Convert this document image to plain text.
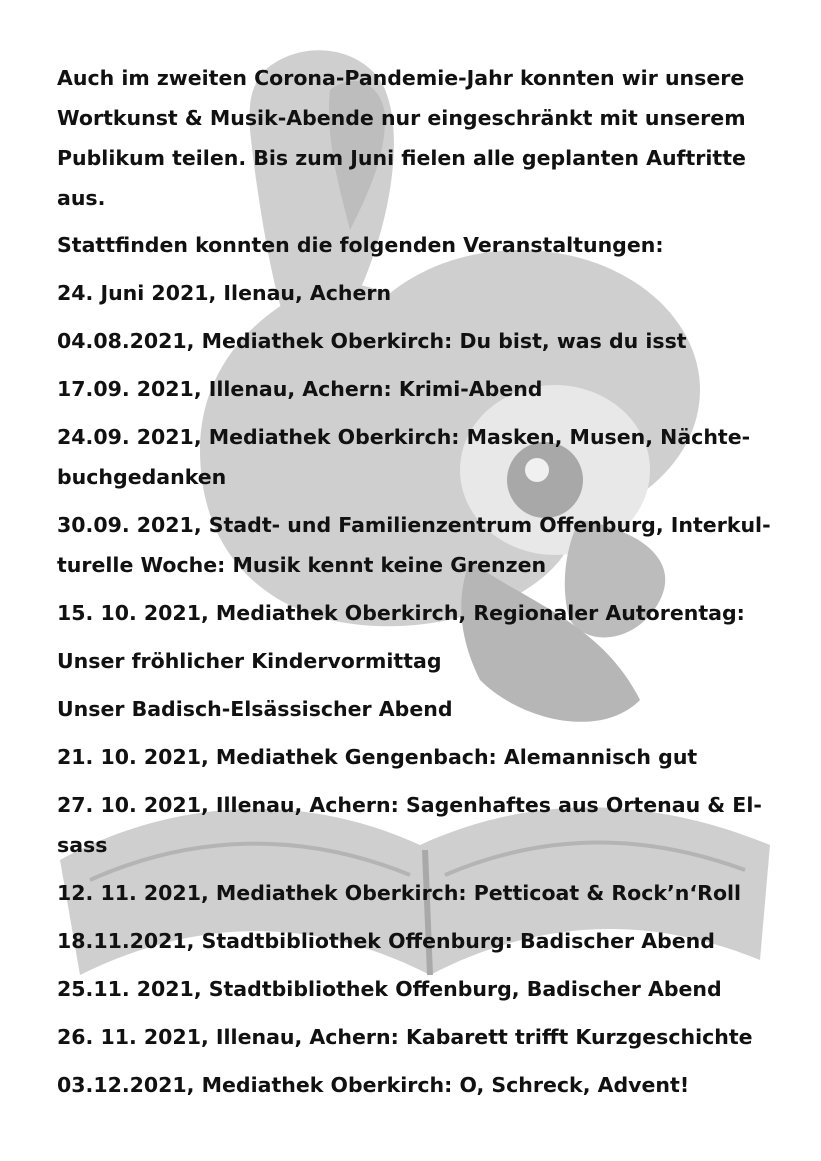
Auch im zweiten Corona-Pandemie-Jahr konnten wir unsere Wortkunst & Musik-Abende nur eingeschränkt mit unserem Publikum teilen. Bis zum Juni fielen alle geplanten Auftritte aus.

Stattfinden konnten die folgenden Veranstaltungen:

24. Juni 2021, Ilenau, Achern
04.08.2021, Mediathek Oberkirch: Du bist, was du isst
17.09. 2021, Illenau, Achern: Krimi-Abend
24.09. 2021, Mediathek Oberkirch: Masken, Musen, Nächte-buchgedanken
30.09. 2021, Stadt- und Familienzentrum Offenburg, Interkul-turelle Woche: Musik kennt keine Grenzen
15. 10. 2021, Mediathek Oberkirch, Regionaler Autorentag:
Unser fröhlicher Kindervormittag
Unser Badisch-Elsässischer Abend
21. 10. 2021, Mediathek Gengenbach: Alemannisch gut
27. 10. 2021, Illenau, Achern: Sagenhaftes aus Ortenau & El-sass
12. 11. 2021, Mediathek Oberkirch: Petticoat & Rock’n‘Roll
18.11.2021, Stadtbibliothek Offenburg: Badischer Abend
25.11. 2021, Stadtbibliothek Offenburg, Badischer Abend
26. 11. 2021, Illenau, Achern: Kabarett trifft Kurzgeschichte
03.12.2021, Mediathek Oberkirch: O, Schreck, Advent!
